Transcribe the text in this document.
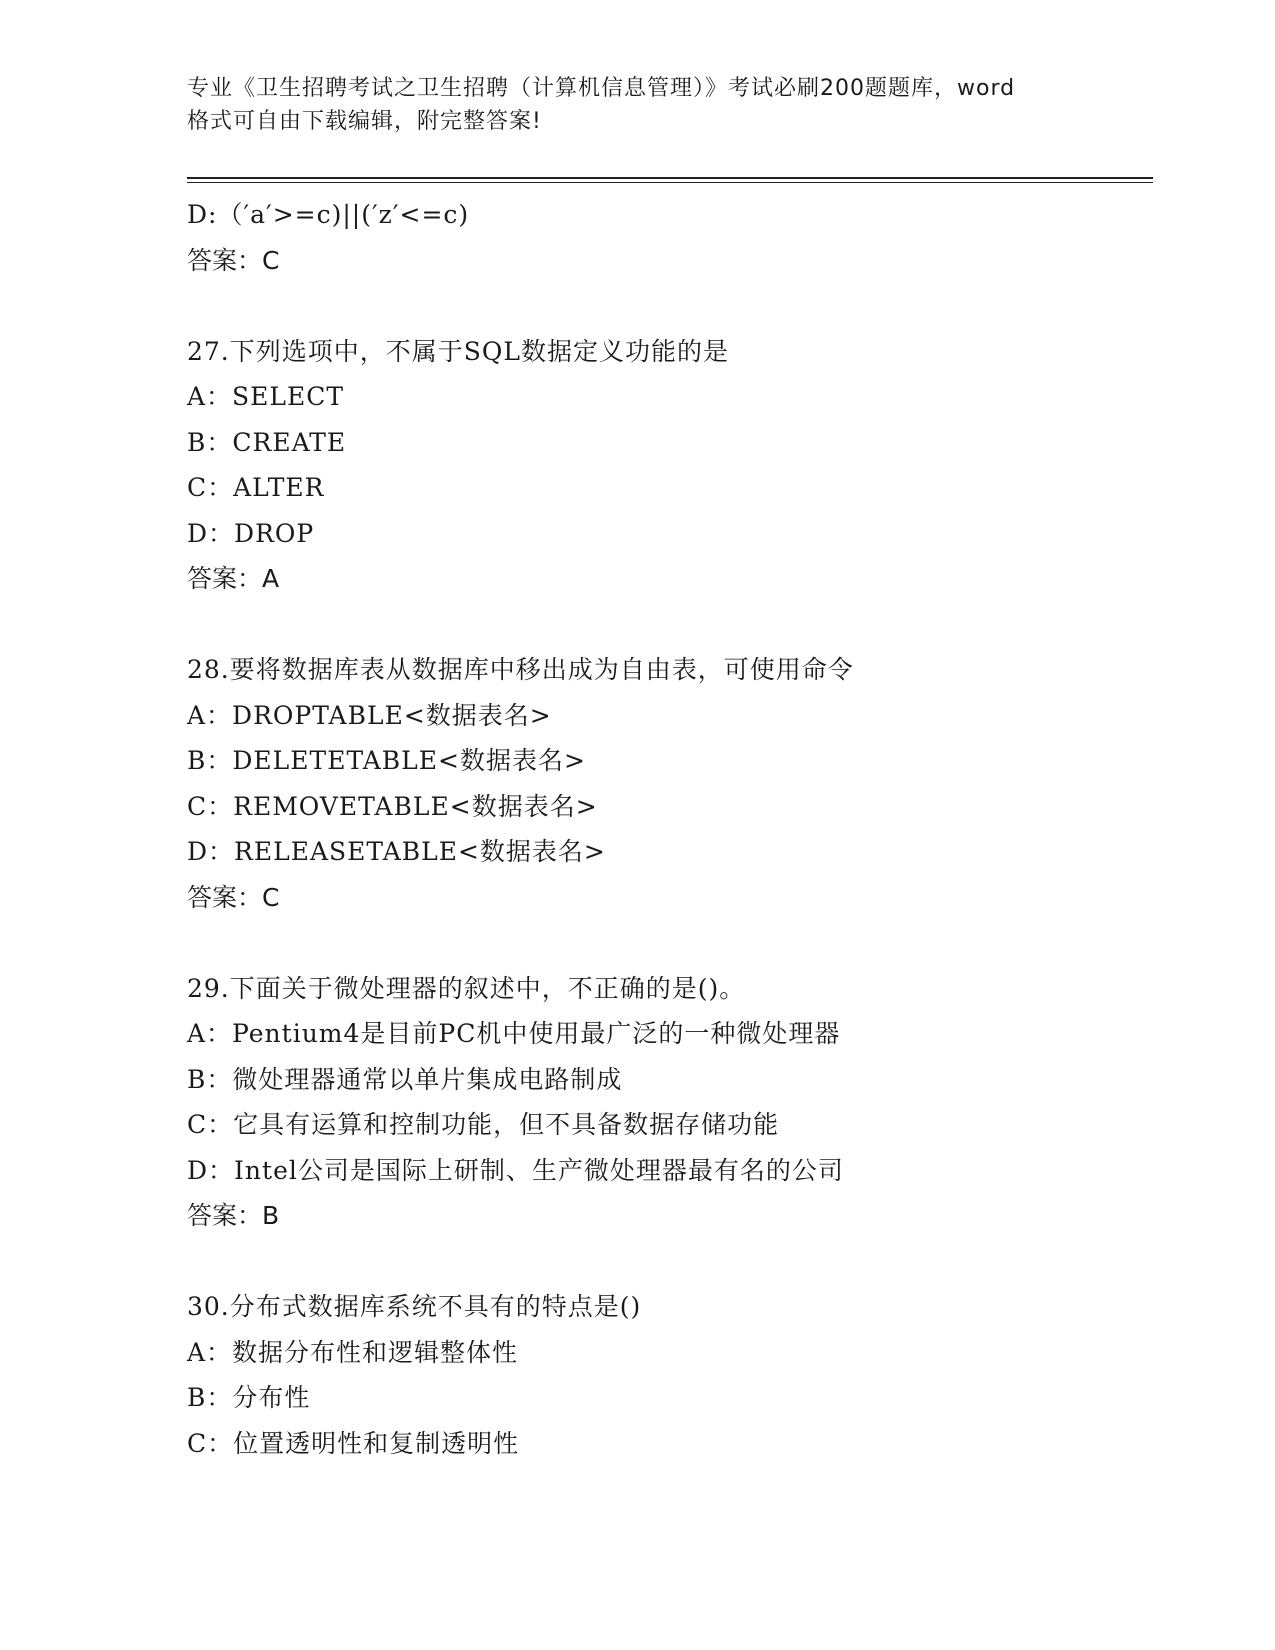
专业《卫生招聘考试之卫生招聘（计算机信息管理）》考试必刷200题题库，word
格式可自由下载编辑，附完整答案!
D:（′a′>=c)||(′z′<=c)
答案：C
27.下列选项中，不属于SQL数据定义功能的是
A：SELECT
B：CREATE
C：ALTER
D：DROP
答案：A
28.要将数据库表从数据库中移出成为自由表，可使用命令
A：DROPTABLE<数据表名>
B：DELETETABLE<数据表名>
C：REMOVETABLE<数据表名>
D：RELEASETABLE<数据表名>
答案：C
29.下面关于微处理器的叙述中，不正确的是()。
A：Pentium4是目前PC机中使用最广泛的一种微处理器
B：微处理器通常以单片集成电路制成
C：它具有运算和控制功能，但不具备数据存储功能
D：Intel公司是国际上研制、生产微处理器最有名的公司
答案：B
30.分布式数据库系统不具有的特点是()
A：数据分布性和逻辑整体性
B：分布性
C：位置透明性和复制透明性
